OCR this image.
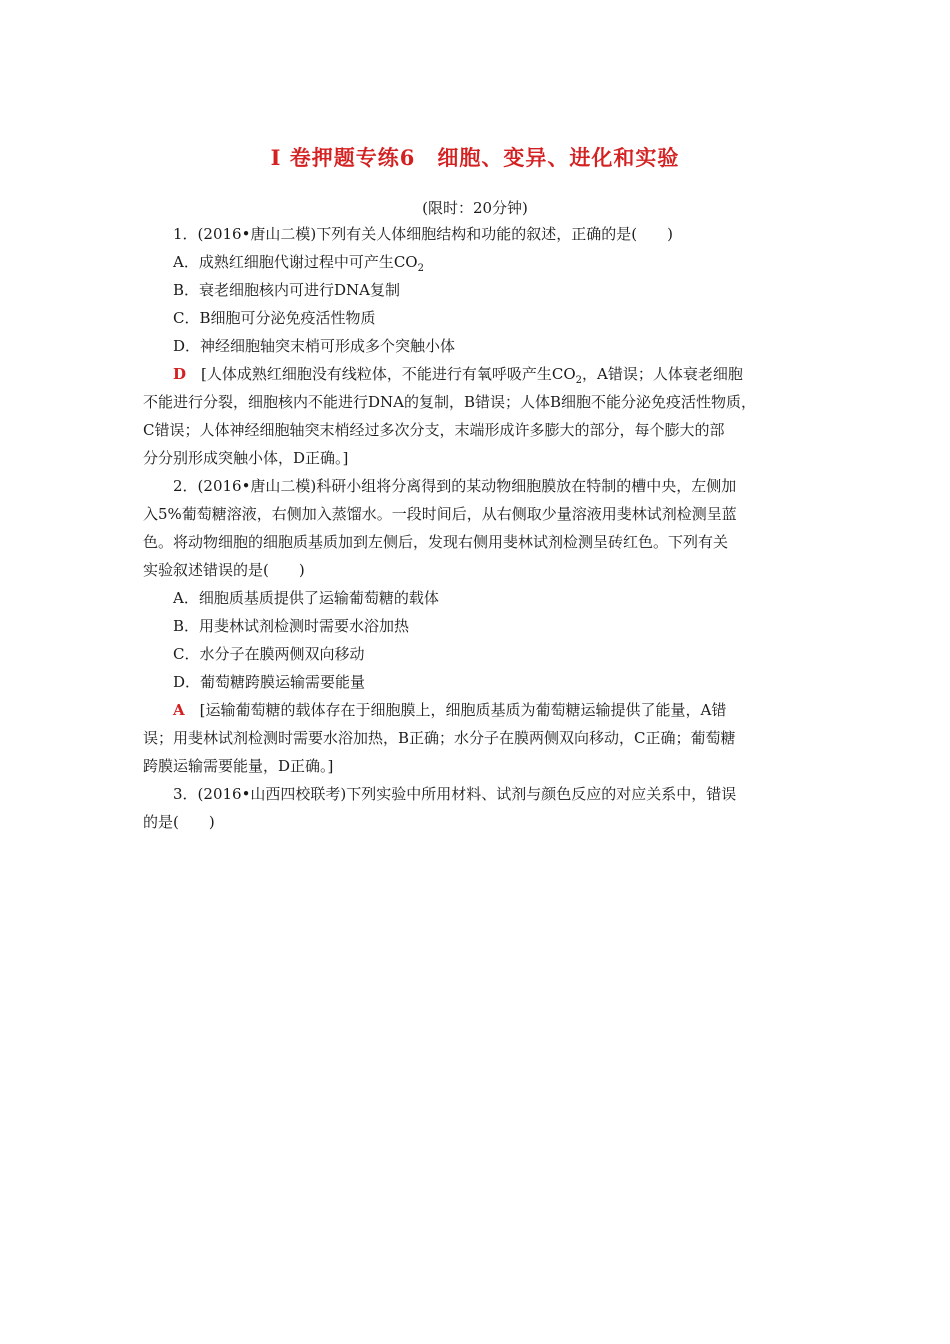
Ⅰ 卷押题专练6　细胞、变异、进化和实验
(限时：20分钟)
1．(2016•唐山二模)下列有关人体细胞结构和功能的叙述，正确的是(　　)
A．成熟红细胞代谢过程中可产生$CO_2$
B．衰老细胞核内可进行DNA复制
C．B细胞可分泌免疫活性物质
D．神经细胞轴突末梢可形成多个突触小体
D　[人体成熟红细胞没有线粒体，不能进行有氧呼吸产生$CO_2$，A错误；人体衰老细胞
不能进行分裂，细胞核内不能进行DNA的复制，B错误；人体B细胞不能分泌免疫活性物质，
C错误；人体神经细胞轴突末梢经过多次分支，末端形成许多膨大的部分，每个膨大的部
分分别形成突触小体，D正确。]
2．(2016•唐山二模)科研小组将分离得到的某动物细胞膜放在特制的槽中央，左侧加
入5%葡萄糖溶液，右侧加入蒸馏水。一段时间后，从右侧取少量溶液用斐林试剂检测呈蓝
色。将动物细胞的细胞质基质加到左侧后，发现右侧用斐林试剂检测呈砖红色。下列有关
实验叙述错误的是(　　)
A．细胞质基质提供了运输葡萄糖的载体
B．用斐林试剂检测时需要水浴加热
C．水分子在膜两侧双向移动
D．葡萄糖跨膜运输需要能量
A　[运输葡萄糖的载体存在于细胞膜上，细胞质基质为葡萄糖运输提供了能量，A错
误；用斐林试剂检测时需要水浴加热，B正确；水分子在膜两侧双向移动，C正确；葡萄糖
跨膜运输需要能量，D正确。]
3．(2016•山西四校联考)下列实验中所用材料、试剂与颜色反应的对应关系中，错误
的是(　　)
